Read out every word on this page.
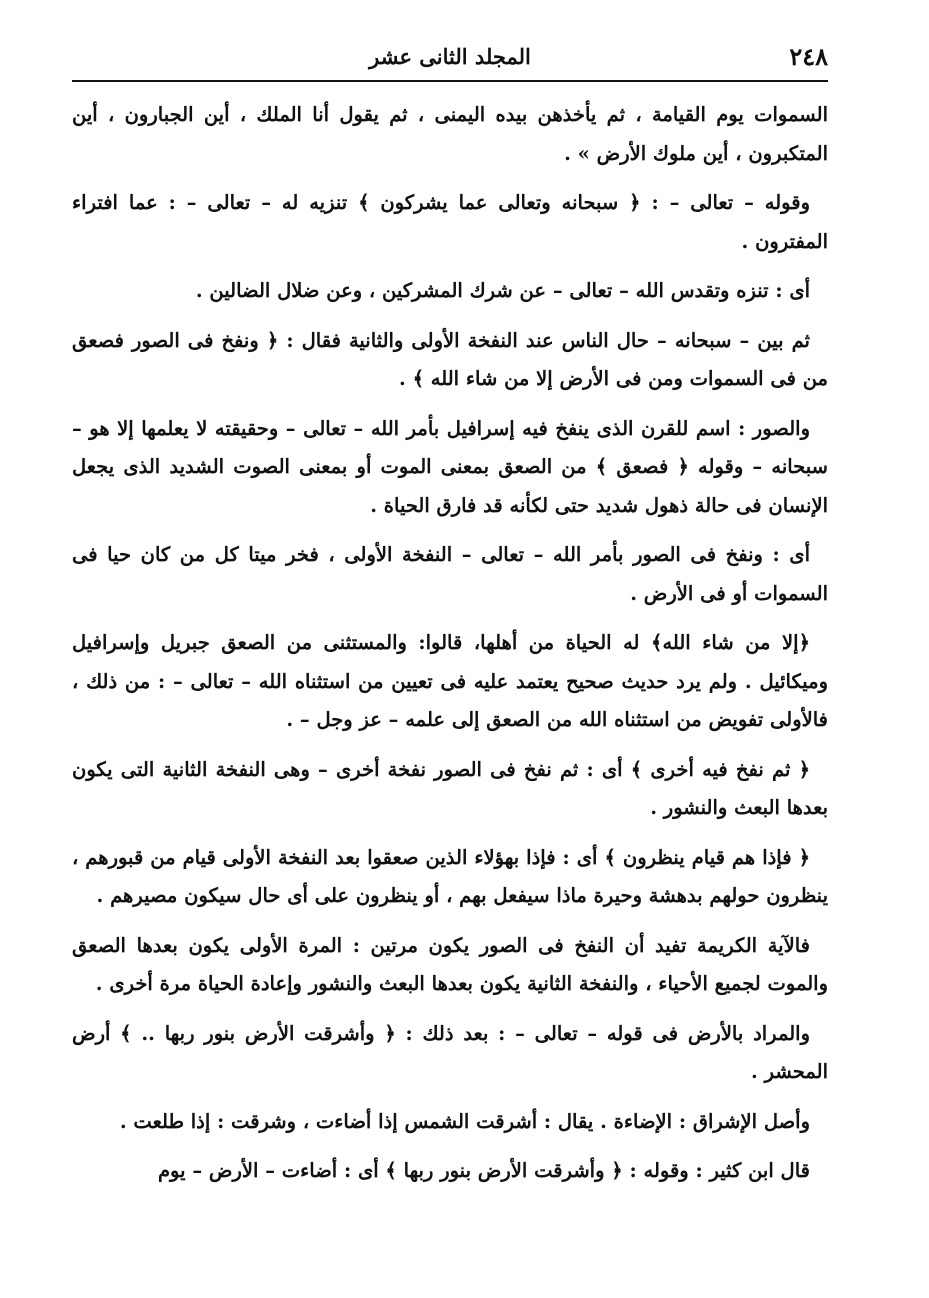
٢٤٨
المجلد الثانى عشر

السموات يوم القيامة ، ثم يأخذهن بيده اليمنى ، ثم يقول أنا الملك ، أين الجبارون ، أين المتكبرون ، أين ملوك الأرض » .

وقوله – تعالى – : ﴿ سبحانه وتعالى عما يشركون ﴾ تنزيه له – تعالى – : عما افتراء المفترون .

أى : تنزه وتقدس الله – تعالى – عن شرك المشركين ، وعن ضلال الضالين .

ثم بين – سبحانه – حال الناس عند النفخة الأولى والثانية فقال : ﴿ ونفخ فى الصور فصعق من فى السموات ومن فى الأرض إلا من شاء الله ﴾ .

والصور : اسم للقرن الذى ينفخ فيه إسرافيل بأمر الله – تعالى – وحقيقته لا يعلمها إلا هو – سبحانه – وقوله ﴿ فصعق ﴾ من الصعق بمعنى الموت أو بمعنى الصوت الشديد الذى يجعل الإنسان فى حالة ذهول شديد حتى لكأنه قد فارق الحياة .

أى : ونفخ فى الصور بأمر الله – تعالى – النفخة الأولى ، فخر ميتا كل من كان حيا فى السموات أو فى الأرض .

﴿إلا من شاء الله﴾ له الحياة من أهلها، قالوا: والمستثنى من الصعق جبريل وإسرافيل وميكائيل . ولم يرد حديث صحيح يعتمد عليه فى تعيين من استثناه الله – تعالى – : من ذلك ، فالأولى تفويض من استثناه الله من الصعق إلى علمه – عز وجل – .

﴿ ثم نفخ فيه أخرى ﴾ أى : ثم نفخ فى الصور نفخة أخرى – وهى النفخة الثانية التى يكون بعدها البعث والنشور .

﴿ فإذا هم قيام ينظرون ﴾ أى : فإذا بهؤلاء الذين صعقوا بعد النفخة الأولى قيام من قبورهم ، ينظرون حولهم بدهشة وحيرة ماذا سيفعل بهم ، أو ينظرون على أى حال سيكون مصيرهم .

فالآية الكريمة تفيد أن النفخ فى الصور يكون مرتين : المرة الأولى يكون بعدها الصعق والموت لجميع الأحياء ، والنفخة الثانية يكون بعدها البعث والنشور وإعادة الحياة مرة أخرى .

والمراد بالأرض فى قوله – تعالى – : بعد ذلك : ﴿ وأشرقت الأرض بنور ربها .. ﴾ أرض المحشر .

وأصل الإشراق : الإضاءة . يقال : أشرقت الشمس إذا أضاءت ، وشرقت : إذا طلعت .

قال ابن كثير : وقوله : ﴿ وأشرقت الأرض بنور ربها ﴾ أى : أضاءت – الأرض – يوم
